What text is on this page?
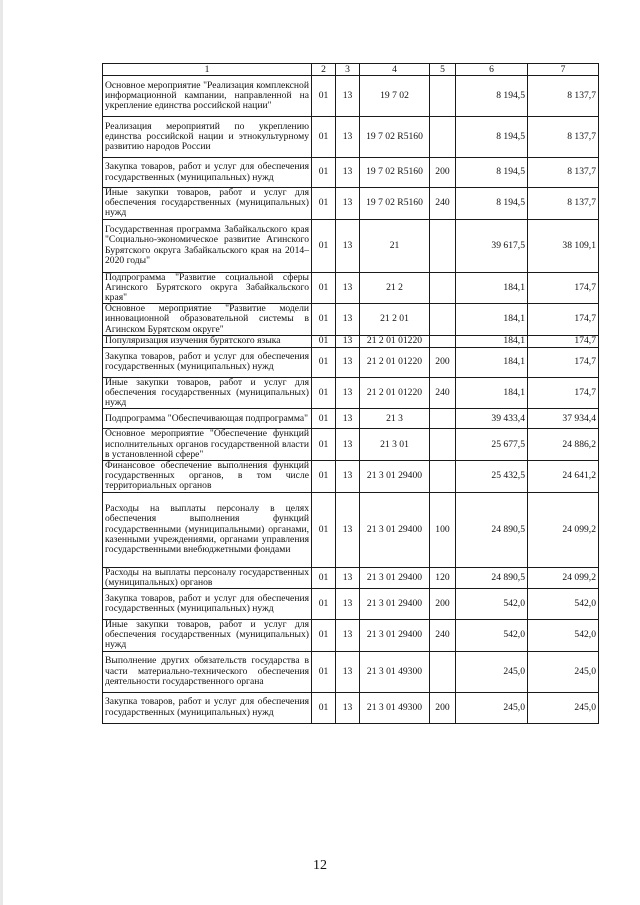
1	2	3	4	5	6	7
Основное мероприятие "Реализация комплексной информационной кампании, направленной на укрепление единства российской нации"	01	13	19 7 02		8 194,5	8 137,7
Реализация мероприятий по укреплению единства российской нации и этнокультурному развитию народов России	01	13	19 7 02 R5160		8 194,5	8 137,7
Закупка товаров, работ и услуг для обеспечения государственных (муниципальных) нужд	01	13	19 7 02 R5160	200	8 194,5	8 137,7
Иные закупки товаров, работ и услуг для обеспечения государственных (муниципальных) нужд	01	13	19 7 02 R5160	240	8 194,5	8 137,7
Государственная программа Забайкальского края "Социально-экономическое развитие Агинского Бурятского округа Забайкальского края на 2014–2020 годы"	01	13	21		39 617,5	38 109,1
Подпрограмма "Развитие социальной сферы Агинского Бурятского округа Забайкальского края"	01	13	21 2		184,1	174,7
Основное мероприятие "Развитие модели инновационной образовательной системы в Агинском Бурятском округе"	01	13	21 2 01		184,1	174,7
Популяризация изучения бурятского языка	01	13	21 2 01 01220		184,1	174,7
Закупка товаров, работ и услуг для обеспечения государственных (муниципальных) нужд	01	13	21 2 01 01220	200	184,1	174,7
Иные закупки товаров, работ и услуг для обеспечения государственных (муниципальных) нужд	01	13	21 2 01 01220	240	184,1	174,7
Подпрограмма "Обеспечивающая подпрограмма"	01	13	21 3		39 433,4	37 934,4
Основное мероприятие "Обеспечение функций исполнительных органов государственной власти в установленной сфере"	01	13	21 3 01		25 677,5	24 886,2
Финансовое обеспечение выполнения функций государственных органов, в том числе территориальных органов	01	13	21 3 01 29400		25 432,5	24 641,2
Расходы на выплаты персоналу в целях обеспечения выполнения функций государственными (муниципальными) органами, казенными учреждениями, органами управления государственными внебюджетными фондами	01	13	21 3 01 29400	100	24 890,5	24 099,2
Расходы на выплаты персоналу государственных (муниципальных) органов	01	13	21 3 01 29400	120	24 890,5	24 099,2
Закупка товаров, работ и услуг для обеспечения государственных (муниципальных) нужд	01	13	21 3 01 29400	200	542,0	542,0
Иные закупки товаров, работ и услуг для обеспечения государственных (муниципальных) нужд	01	13	21 3 01 29400	240	542,0	542,0
Выполнение других обязательств государства в части материально-технического обеспечения деятельности государственного органа	01	13	21 3 01 49300		245,0	245,0
Закупка товаров, работ и услуг для обеспечения государственных (муниципальных) нужд	01	13	21 3 01 49300	200	245,0	245,0
12
